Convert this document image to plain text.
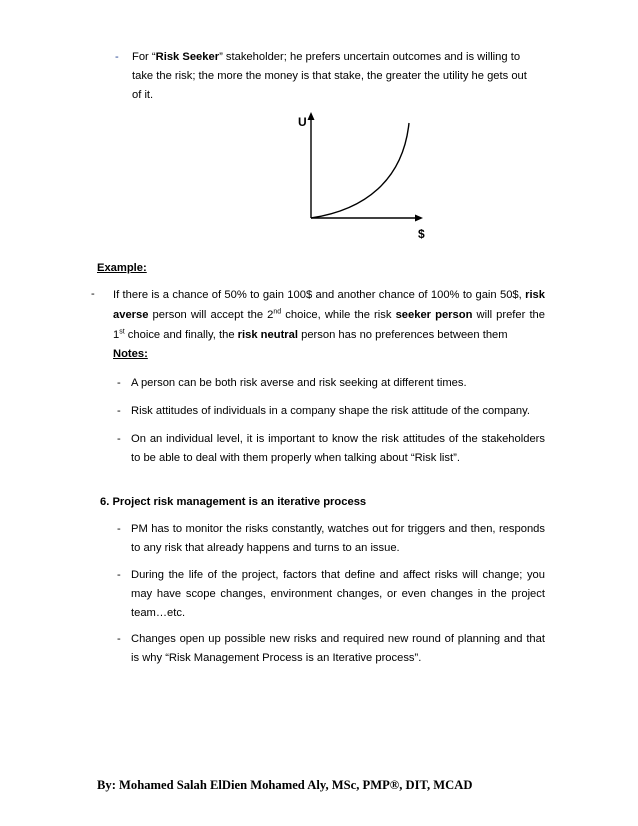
-	For “Risk Seeker” stakeholder; he prefers uncertain outcomes and is willing to take the risk; the more the money is that stake, the greater the utility he gets out of it.
U
$
Example:
-	If there is a chance of 50% to gain 100$ and another chance of 100% to gain 50$, risk averse person will accept the 2nd choice, while the risk seeker person will prefer the 1st choice and finally, the risk neutral person has no preferences between them
Notes:
- A person can be both risk averse and risk seeking at different times.
- Risk attitudes of individuals in a company shape the risk attitude of the company.
- On an individual level, it is important to know the risk attitudes of the stakeholders to be able to deal with them properly when talking about “Risk list”.
6. Project risk management is an iterative process
- PM has to monitor the risks constantly, watches out for triggers and then, responds to any risk that already happens and turns to an issue.
- During the life of the project, factors that define and affect risks will change; you may have scope changes, environment changes, or even changes in the project team…etc.
- Changes open up possible new risks and required new round of planning and that is why “Risk Management Process is an Iterative process”.
By: Mohamed Salah ElDien Mohamed Aly, MSc, PMP®, DIT, MCAD
